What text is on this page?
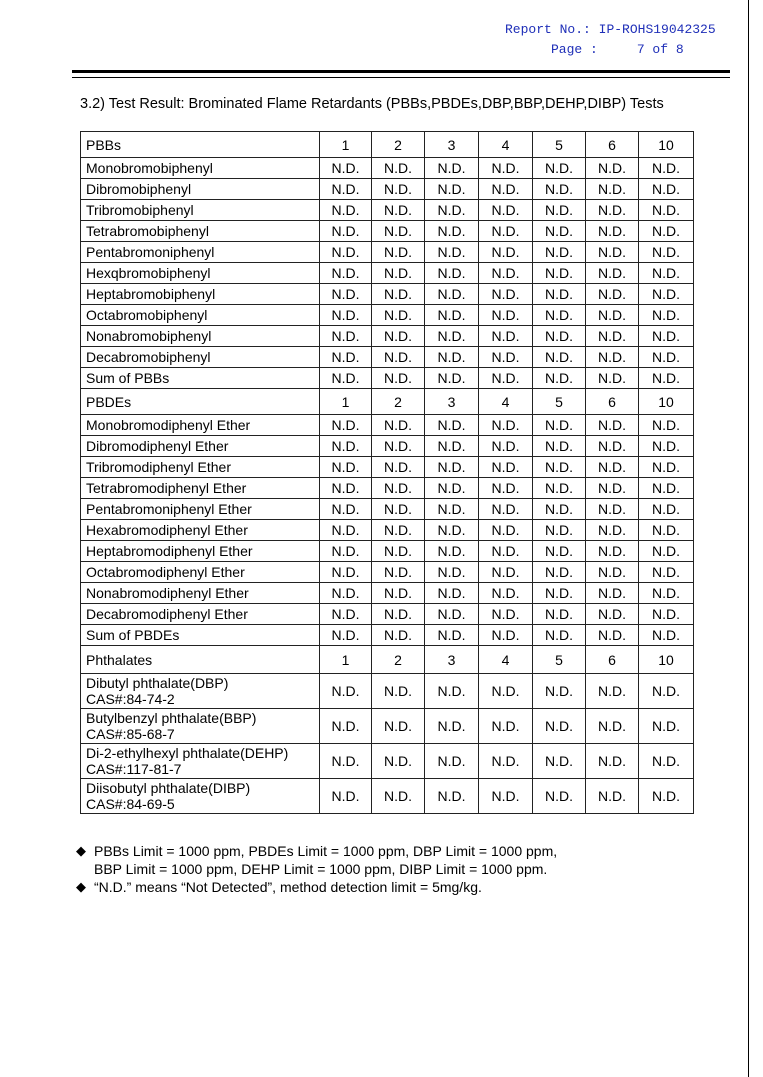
Report No.: IP-ROHS19042325
Page :	7 of 8
3.2) Test Result: Brominated Flame Retardants (PBBs,PBDEs,DBP,BBP,DEHP,DIBP) Tests
PBBs	1	2	3	4	5	6	10
Monobromobiphenyl	N.D.	N.D.	N.D.	N.D.	N.D.	N.D.	N.D.
Dibromobiphenyl	N.D.	N.D.	N.D.	N.D.	N.D.	N.D.	N.D.
Tribromobiphenyl	N.D.	N.D.	N.D.	N.D.	N.D.	N.D.	N.D.
Tetrabromobiphenyl	N.D.	N.D.	N.D.	N.D.	N.D.	N.D.	N.D.
Pentabromoniphenyl	N.D.	N.D.	N.D.	N.D.	N.D.	N.D.	N.D.
Hexqbromobiphenyl	N.D.	N.D.	N.D.	N.D.	N.D.	N.D.	N.D.
Heptabromobiphenyl	N.D.	N.D.	N.D.	N.D.	N.D.	N.D.	N.D.
Octabromobiphenyl	N.D.	N.D.	N.D.	N.D.	N.D.	N.D.	N.D.
Nonabromobiphenyl	N.D.	N.D.	N.D.	N.D.	N.D.	N.D.	N.D.
Decabromobiphenyl	N.D.	N.D.	N.D.	N.D.	N.D.	N.D.	N.D.
Sum of PBBs	N.D.	N.D.	N.D.	N.D.	N.D.	N.D.	N.D.
PBDEs	1	2	3	4	5	6	10
Monobromodiphenyl Ether	N.D.	N.D.	N.D.	N.D.	N.D.	N.D.	N.D.
Dibromodiphenyl Ether	N.D.	N.D.	N.D.	N.D.	N.D.	N.D.	N.D.
Tribromodiphenyl Ether	N.D.	N.D.	N.D.	N.D.	N.D.	N.D.	N.D.
Tetrabromodiphenyl Ether	N.D.	N.D.	N.D.	N.D.	N.D.	N.D.	N.D.
Pentabromoniphenyl Ether	N.D.	N.D.	N.D.	N.D.	N.D.	N.D.	N.D.
Hexabromodiphenyl Ether	N.D.	N.D.	N.D.	N.D.	N.D.	N.D.	N.D.
Heptabromodiphenyl Ether	N.D.	N.D.	N.D.	N.D.	N.D.	N.D.	N.D.
Octabromodiphenyl Ether	N.D.	N.D.	N.D.	N.D.	N.D.	N.D.	N.D.
Nonabromodiphenyl Ether	N.D.	N.D.	N.D.	N.D.	N.D.	N.D.	N.D.
Decabromodiphenyl Ether	N.D.	N.D.	N.D.	N.D.	N.D.	N.D.	N.D.
Sum of PBDEs	N.D.	N.D.	N.D.	N.D.	N.D.	N.D.	N.D.
Phthalates	1	2	3	4	5	6	10

Dibutyl phthalate(DBP)
CAS#:84-74-2	N.D.	N.D.	N.D.	N.D.	N.D.	N.D.	N.D.

Butylbenzyl phthalate(BBP)
CAS#:85-68-7	N.D.	N.D.	N.D.	N.D.	N.D.	N.D.	N.D.

Di-2-ethylhexyl phthalate(DEHP)
CAS#:117-81-7	N.D.	N.D.	N.D.	N.D.	N.D.	N.D.	N.D.

Diisobutyl phthalate(DIBP)
CAS#:84-69-5	N.D.	N.D.	N.D.	N.D.	N.D.	N.D.	N.D.
◆ PBBs Limit = 1000 ppm, PBDEs Limit = 1000 ppm, DBP Limit = 1000 ppm,
BBP Limit = 1000 ppm, DEHP Limit = 1000 ppm, DIBP Limit = 1000 ppm.
◆ “N.D.” means “Not Detected”, method detection limit = 5mg/kg.
